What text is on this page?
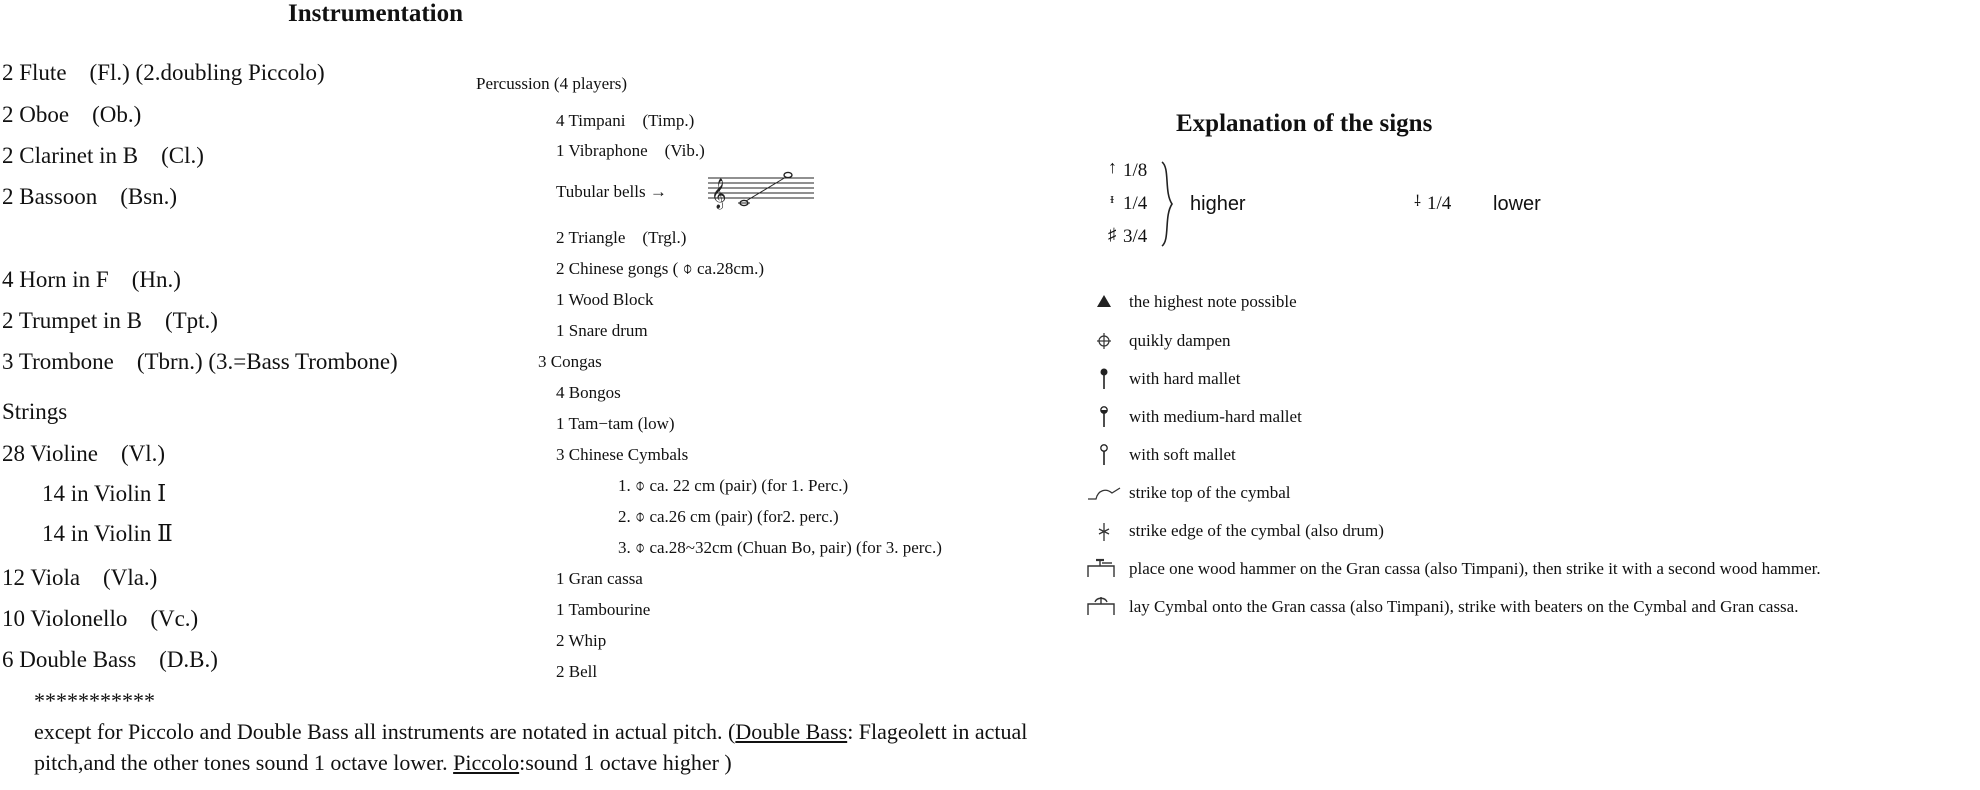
Instrumentation
2 Flute　(Fl.) (2.doubling Piccolo)
2 Oboe　(Ob.)
2 Clarinet in B　(Cl.)
2 Bassoon　(Bsn.)
4 Horn in F　(Hn.)
2 Trumpet in B　(Tpt.)
3 Trombone　(Tbrn.) (3.=Bass Trombone)
Strings
28 Violine　(Vl.)
14 in Violin Ⅰ
14 in Violin Ⅱ
12 Viola　(Vla.)
10 Violonello　(Vc.)
6 Double Bass　(D.B.)
Percussion (4 players)
4 Timpani　(Timp.)
1 Vibraphone　(Vib.)
Tubular bells → 𝄞
2 Triangle　(Trgl.)
2 Chinese gongs ( ⌽ ca.28cm.)
1 Wood Block
1 Snare drum
3 Congas
4 Bongos
1 Tam−tam (low)
3 Chinese Cymbals
1. ⌽ ca. 22 cm (pair) (for 1. Perc.)
2. ⌽ ca.26 cm (pair) (for2. perc.)
3. ⌽ ca.28~32cm (Chuan Bo, pair) (for 3. perc.)
1 Gran cassa
1 Tambourine
2 Whip
2 Bell
Explanation of the signs
↑
ᵻ
♯
1/8
1/4
3/4
higher	⸸ 1/4 lower
the highest note possible
quikly dampen
with hard mallet
with medium-hard mallet
with soft mallet
strike top of the cymbal
strike edge of the cymbal (also drum)
place one wood hammer on the Gran cassa (also Timpani), then strike it with a second wood hammer.
lay Cymbal onto the Gran cassa (also Timpani), strike with beaters on the Cymbal and Gran cassa.
***********
except for Piccolo and Double Bass all instruments are notated in actual pitch. (Double Bass: Flageolett in actual
pitch,and the other tones sound 1 octave lower. Piccolo:sound 1 octave higher )
